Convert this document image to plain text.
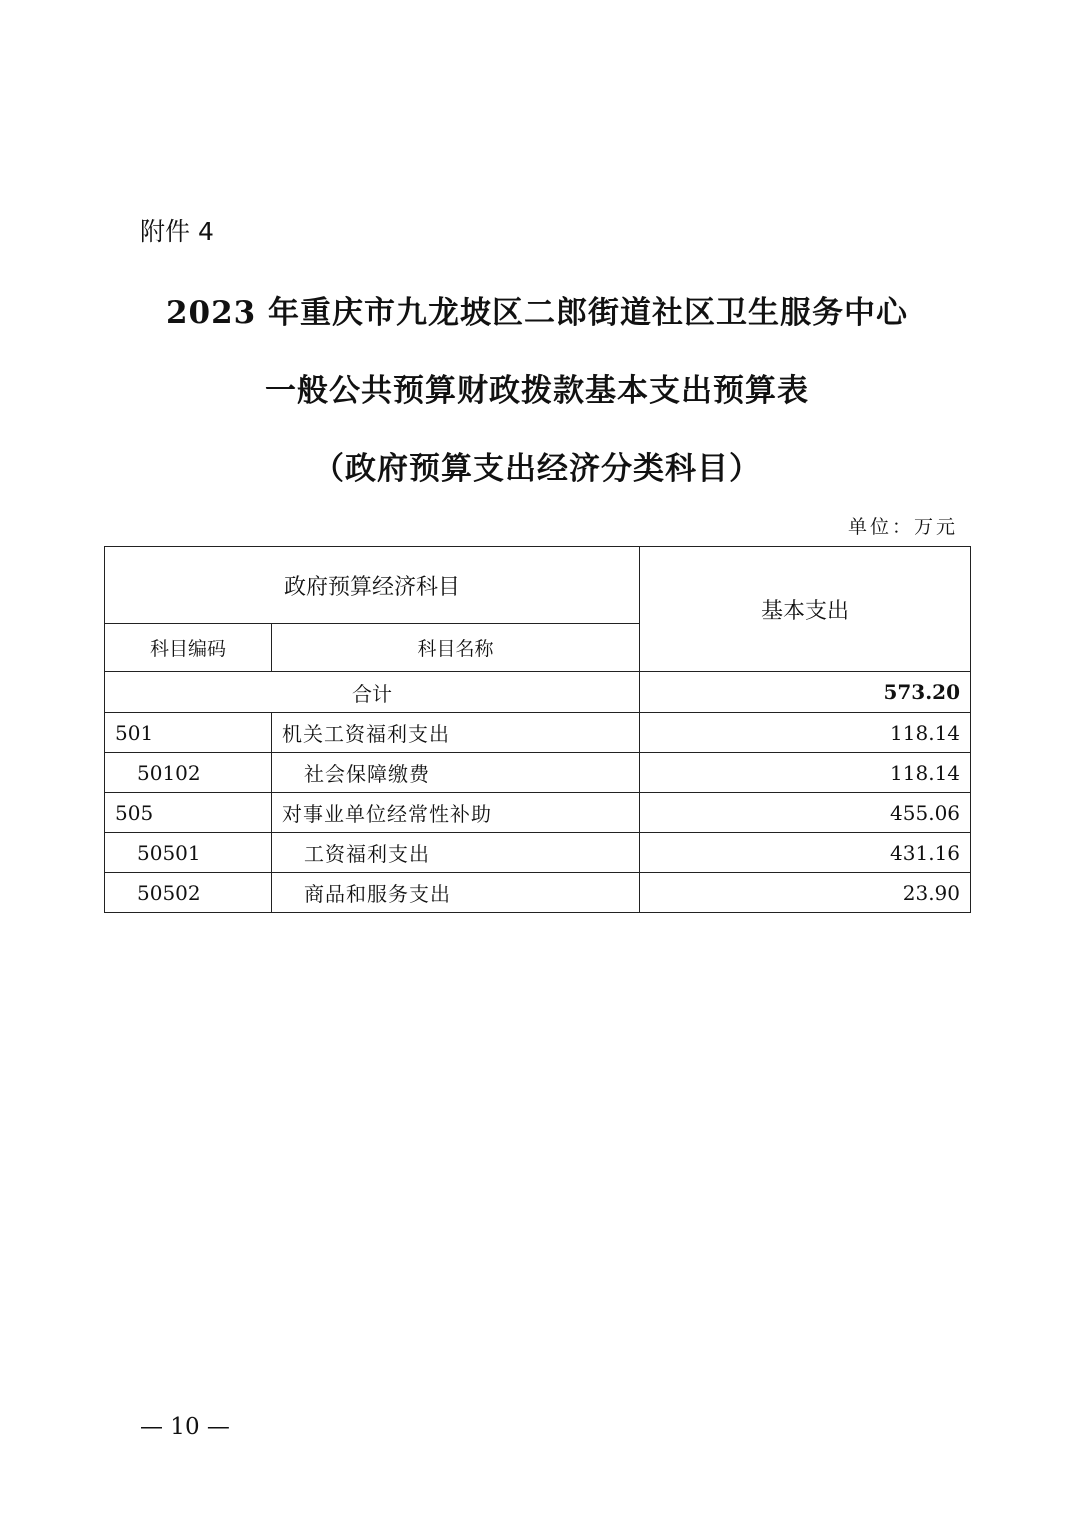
附件 4
2023 年重庆市九龙坡区二郎街道社区卫生服务中心
一般公共预算财政拨款基本支出预算表
（政府预算支出经济分类科目）
单位：万元
政府预算经济科目		基本支出
科目编码	科目名称	
合计		573.20
501	机关工资福利支出	118.14
50102	社会保障缴费	118.14
505	对事业单位经常性补助	455.06
50501	工资福利支出	431.16
50502	商品和服务支出	23.90
— 10 —
